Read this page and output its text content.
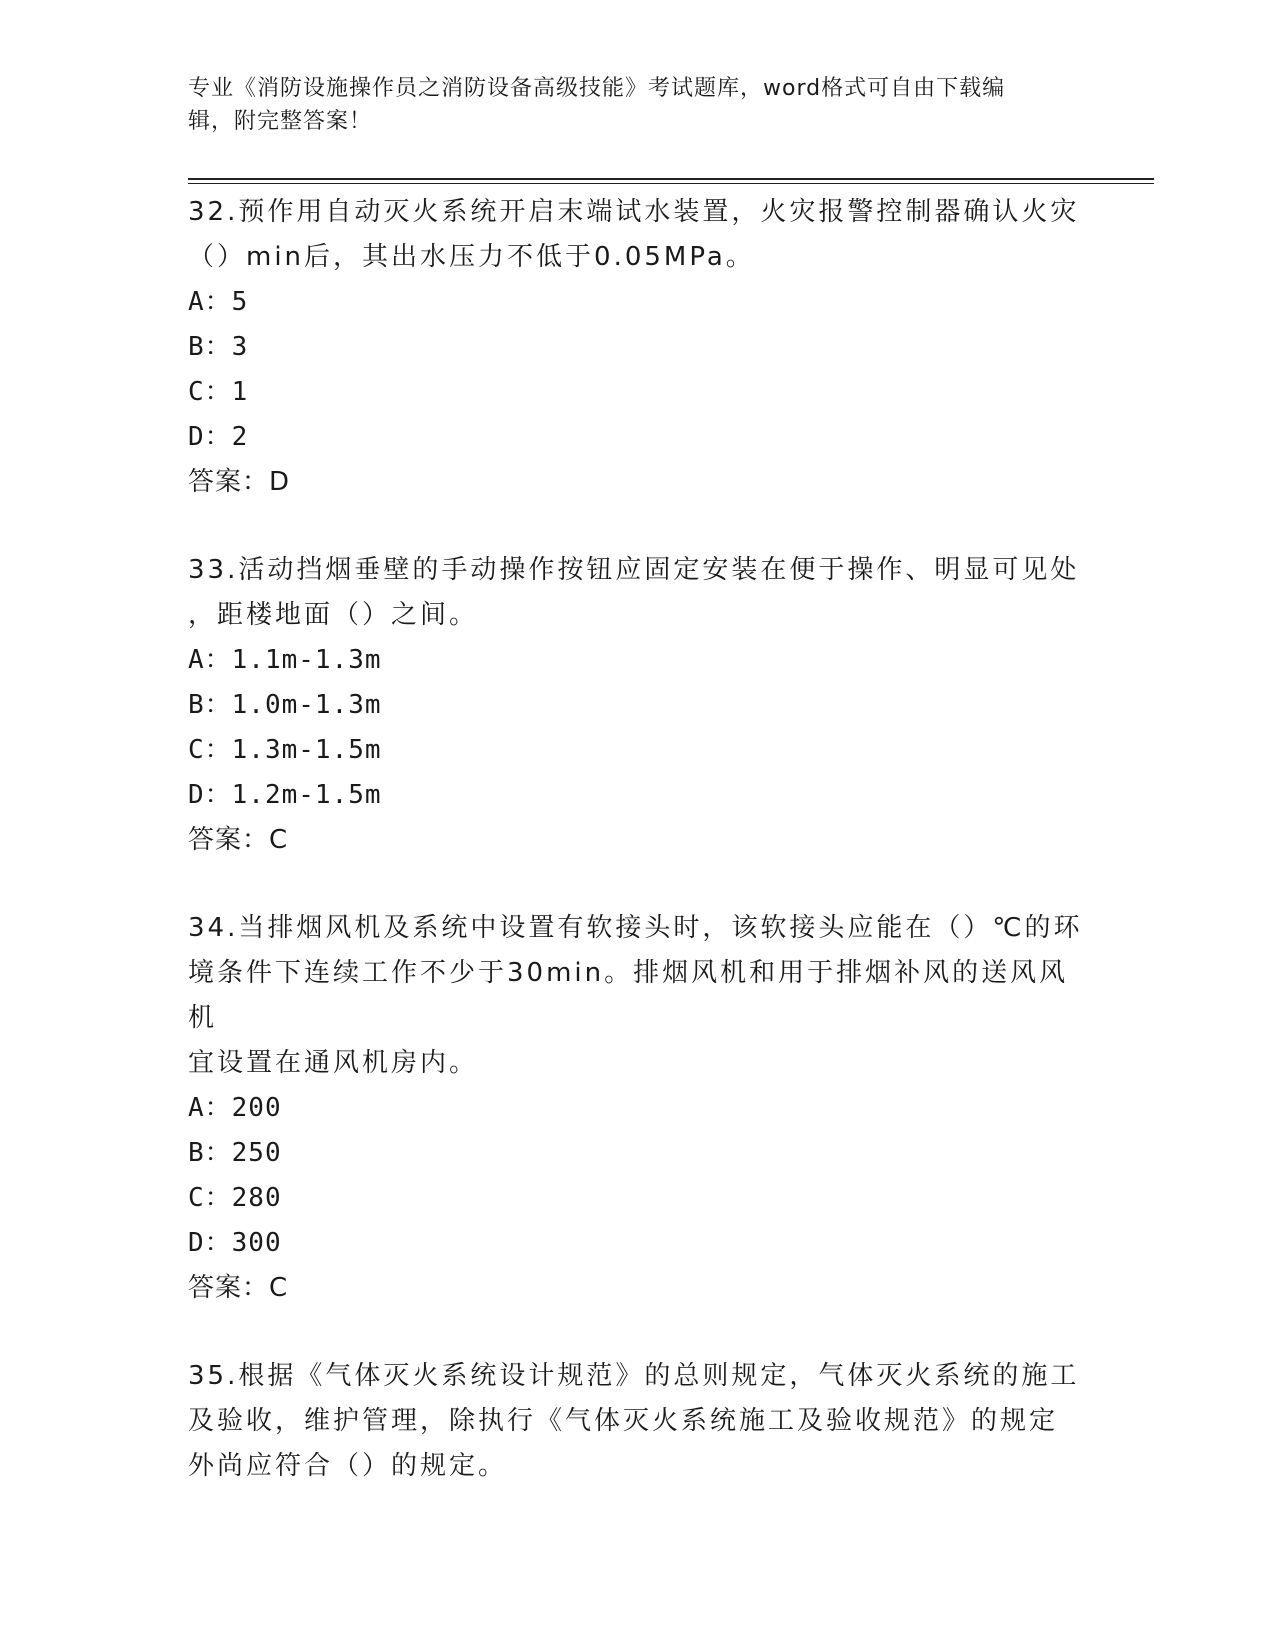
专业《消防设施操作员之消防设备高级技能》考试题库，word格式可自由下载编
辑，附完整答案！

32.预作用自动灭火系统开启末端试水装置，火灾报警控制器确认火灾

（）min后，其出水压力不低于0.05MPa。

A：5

B：3

C：1

D：2

答案：D

33.活动挡烟垂壁的手动操作按钮应固定安装在便于操作、明显可见处

，距楼地面（）之间。

A：1.1m-1.3m

B：1.0m-1.3m

C：1.3m-1.5m

D：1.2m-1.5m

答案：C

34.当排烟风机及系统中设置有软接头时，该软接头应能在（）℃的环

境条件下连续工作不少于30min。排烟风机和用于排烟补风的送风风机

宜设置在通风机房内。

A：200

B：250

C：280

D：300

答案：C

35.根据《气体灭火系统设计规范》的总则规定，气体灭火系统的施工

及验收，维护管理，除执行《气体灭火系统施工及验收规范》的规定

外尚应符合（）的规定。
